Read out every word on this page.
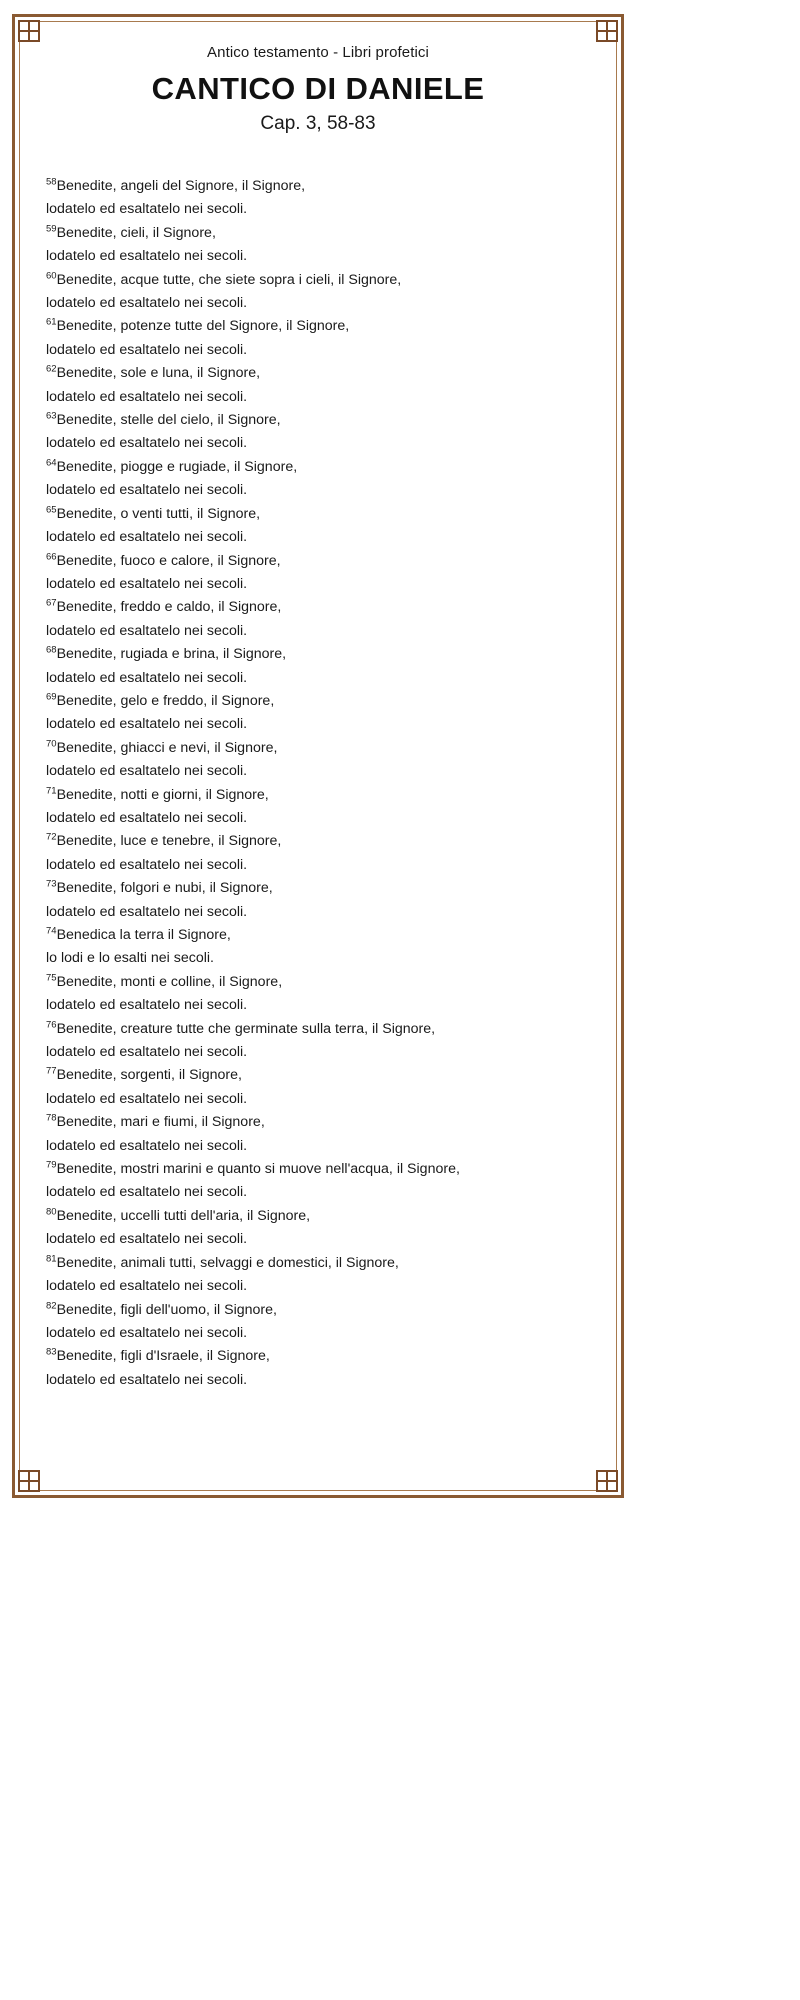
Antico testamento - Libri profetici
CANTICO DI DANIELE
Cap. 3, 58-83
$^{58}$Benedite, angeli del Signore, il Signore,
lodatelo ed esaltatelo nei secoli.
$^{59}$Benedite, cieli, il Signore,
lodatelo ed esaltatelo nei secoli.
$^{60}$Benedite, acque tutte, che siete sopra i cieli, il Signore,
lodatelo ed esaltatelo nei secoli.
$^{61}$Benedite, potenze tutte del Signore, il Signore,
lodatelo ed esaltatelo nei secoli.
$^{62}$Benedite, sole e luna, il Signore,
lodatelo ed esaltatelo nei secoli.
$^{63}$Benedite, stelle del cielo, il Signore,
lodatelo ed esaltatelo nei secoli.
$^{64}$Benedite, piogge e rugiade, il Signore,
lodatelo ed esaltatelo nei secoli.
$^{65}$Benedite, o venti tutti, il Signore,
lodatelo ed esaltatelo nei secoli.
$^{66}$Benedite, fuoco e calore, il Signore,
lodatelo ed esaltatelo nei secoli.
$^{67}$Benedite, freddo e caldo, il Signore,
lodatelo ed esaltatelo nei secoli.
$^{68}$Benedite, rugiada e brina, il Signore,
lodatelo ed esaltatelo nei secoli.
$^{69}$Benedite, gelo e freddo, il Signore,
lodatelo ed esaltatelo nei secoli.
$^{70}$Benedite, ghiacci e nevi, il Signore,
lodatelo ed esaltatelo nei secoli.
$^{71}$Benedite, notti e giorni, il Signore,
lodatelo ed esaltatelo nei secoli.
$^{72}$Benedite, luce e tenebre, il Signore,
lodatelo ed esaltatelo nei secoli.
$^{73}$Benedite, folgori e nubi, il Signore,
lodatelo ed esaltatelo nei secoli.
$^{74}$Benedica la terra il Signore,
lo lodi e lo esalti nei secoli.
$^{75}$Benedite, monti e colline, il Signore,
lodatelo ed esaltatelo nei secoli.
$^{76}$Benedite, creature tutte che germinate sulla terra, il Signore,
lodatelo ed esaltatelo nei secoli.
$^{77}$Benedite, sorgenti, il Signore,
lodatelo ed esaltatelo nei secoli.
$^{78}$Benedite, mari e fiumi, il Signore,
lodatelo ed esaltatelo nei secoli.
$^{79}$Benedite, mostri marini e quanto si muove nell'acqua, il Signore,
lodatelo ed esaltatelo nei secoli.
$^{80}$Benedite, uccelli tutti dell'aria, il Signore,
lodatelo ed esaltatelo nei secoli.
$^{81}$Benedite, animali tutti, selvaggi e domestici, il Signore,
lodatelo ed esaltatelo nei secoli.
$^{82}$Benedite, figli dell'uomo, il Signore,
lodatelo ed esaltatelo nei secoli.
$^{83}$Benedite, figli d'Israele, il Signore,
lodatelo ed esaltatelo nei secoli.
